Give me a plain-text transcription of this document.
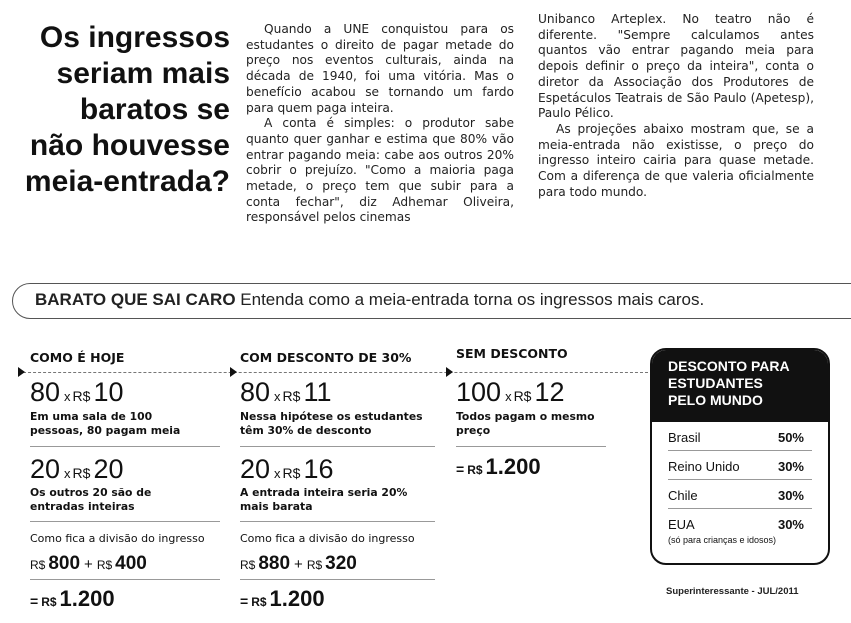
Os ingressos
seriam mais
baratos se
não houvesse
meia-entrada?

Quando a UNE conquistou para os estudantes o direito de pagar metade do preço nos eventos culturais, ainda na década de 1940, foi uma vitória. Mas o benefício acabou se tornando um fardo para quem paga inteira.

A conta é simples: o produtor sabe quanto quer ganhar e estima que 80% vão entrar pagando meia: cabe aos outros 20% cobrir o prejuízo. "Como a maioria paga metade, o preço tem que subir para a conta fechar", diz Adhemar Oliveira, responsável pelos cinemas

Unibanco Arteplex. No teatro não é diferente. "Sempre calculamos antes quantos vão entrar pagando meia para depois definir o preço da inteira", conta o diretor da Associação dos Produtores de Espetáculos Teatrais de São Paulo (Apetesp), Paulo Pélico.

As projeções abaixo mostram que, se a meia-entrada não existisse, o preço do ingresso inteiro cairia para quase metade. Com a diferença de que valeria oficialmente para todo mundo.

BARATO QUE SAI CARO Entenda como a meia-entrada torna os ingressos mais caros.
COMO É HOJE
80 x R$ 10
Em uma sala de 100 pessoas, 80 pagam meia
20 x R$ 20
Os outros 20 são de entradas inteiras
Como fica a divisão do ingresso
R$ 800 + R$ 400
= R$ 1.200
COM DESCONTO DE 30%
80 x R$ 11
Nessa hipótese os estudantes têm 30% de desconto
20 x R$ 16
A entrada inteira seria 20% mais barata
Como fica a divisão do ingresso
R$ 880 + R$ 320
= R$ 1.200
SEM DESCONTO
100 x R$ 12
Todos pagam o mesmo preço
= R$ 1.200
DESCONTO PARA
ESTUDANTES
PELO MUNDO
Brasil	50%
Reino Unido	30%
Chile	30%
EUA	30%
(só para crianças e idosos)
Superinteressante - JUL/2011
